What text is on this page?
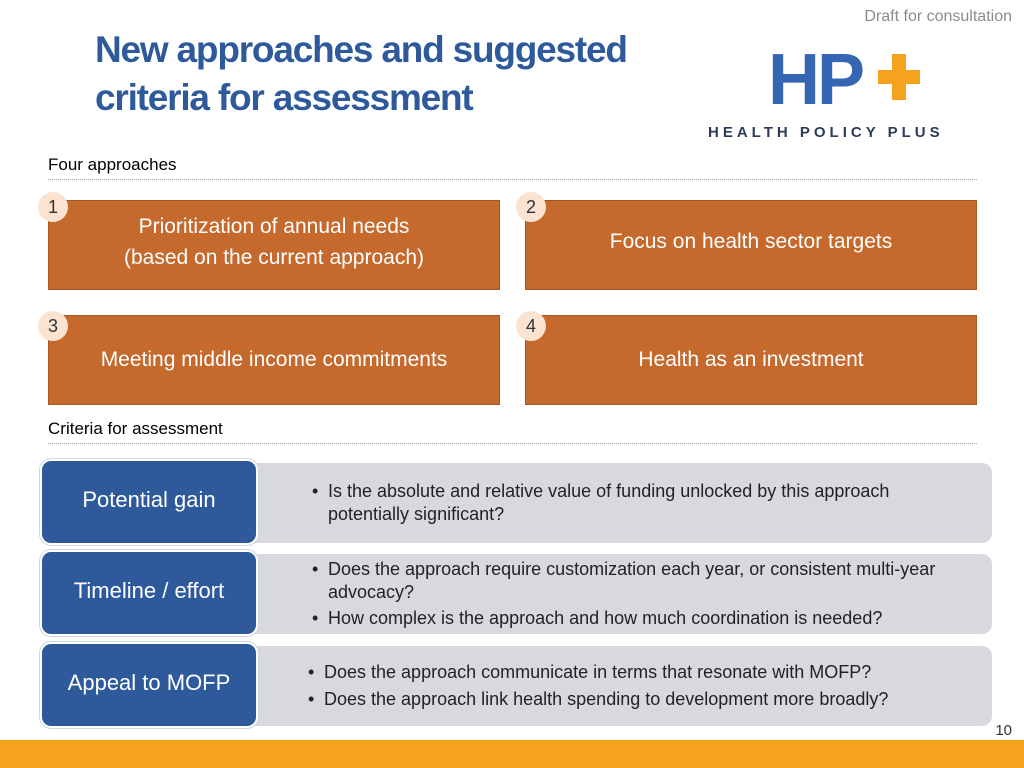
Draft for consultation
New approaches and suggested
criteria for assessment	HP
HEALTH POLICY PLUS
Four approaches
Prioritization of annual needs
(based on the current approach)
1
Focus on health sector targets
2
Meeting middle income commitments
3
Health as an investment
4
Criteria for assessment

• Is the absolute and relative value of funding unlocked by this approach potentially significant?

Potential gain

• Does the approach require customization each year, or consistent multi-year advocacy?

• How complex is the approach and how much coordination is needed?

Timeline / effort

• Does the approach communicate in terms that resonate with MOFP?

• Does the approach link health spending to development more broadly?

Appeal to MOFP
10
